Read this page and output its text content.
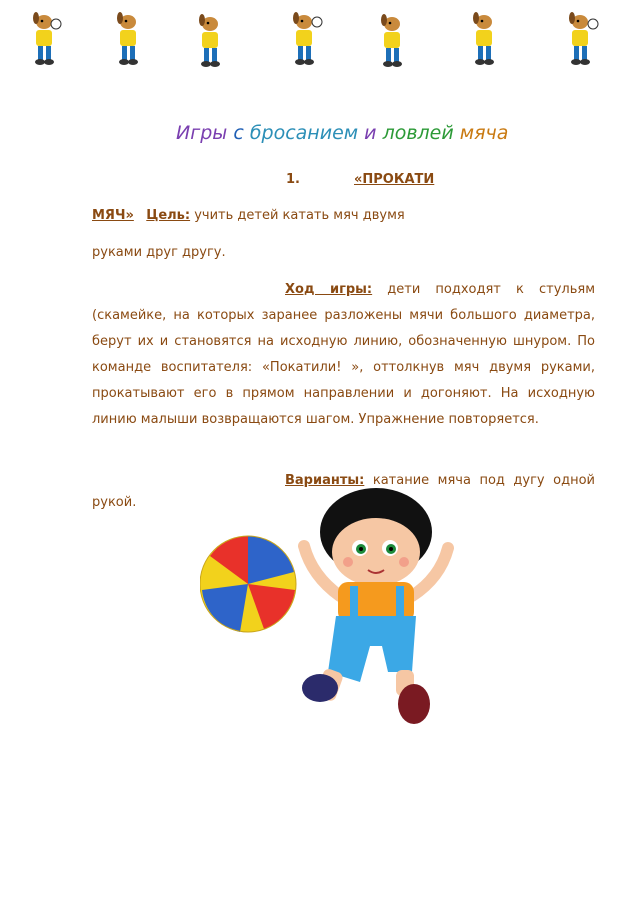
Игры с бросанием и ловлей мяча
1.	«ПРОКАТИ
МЯЧ» Цель: учить детей катать мяч двумя
руками друг другу.
Ход игры: дети подходят к стульям (скамейке, на которых заранее разложены мячи большого диаметра, берут их и становятся на исходную линию, обозначенную шнуром. По команде воспитателя: «Покатили! », оттолкнув мяч двумя руками, прокатывают его в прямом направлении и догоняют. На исходную линию малыши возвращаются шагом. Упражнение повторяется.
Варианты: катание мяча под дугу одной рукой.
